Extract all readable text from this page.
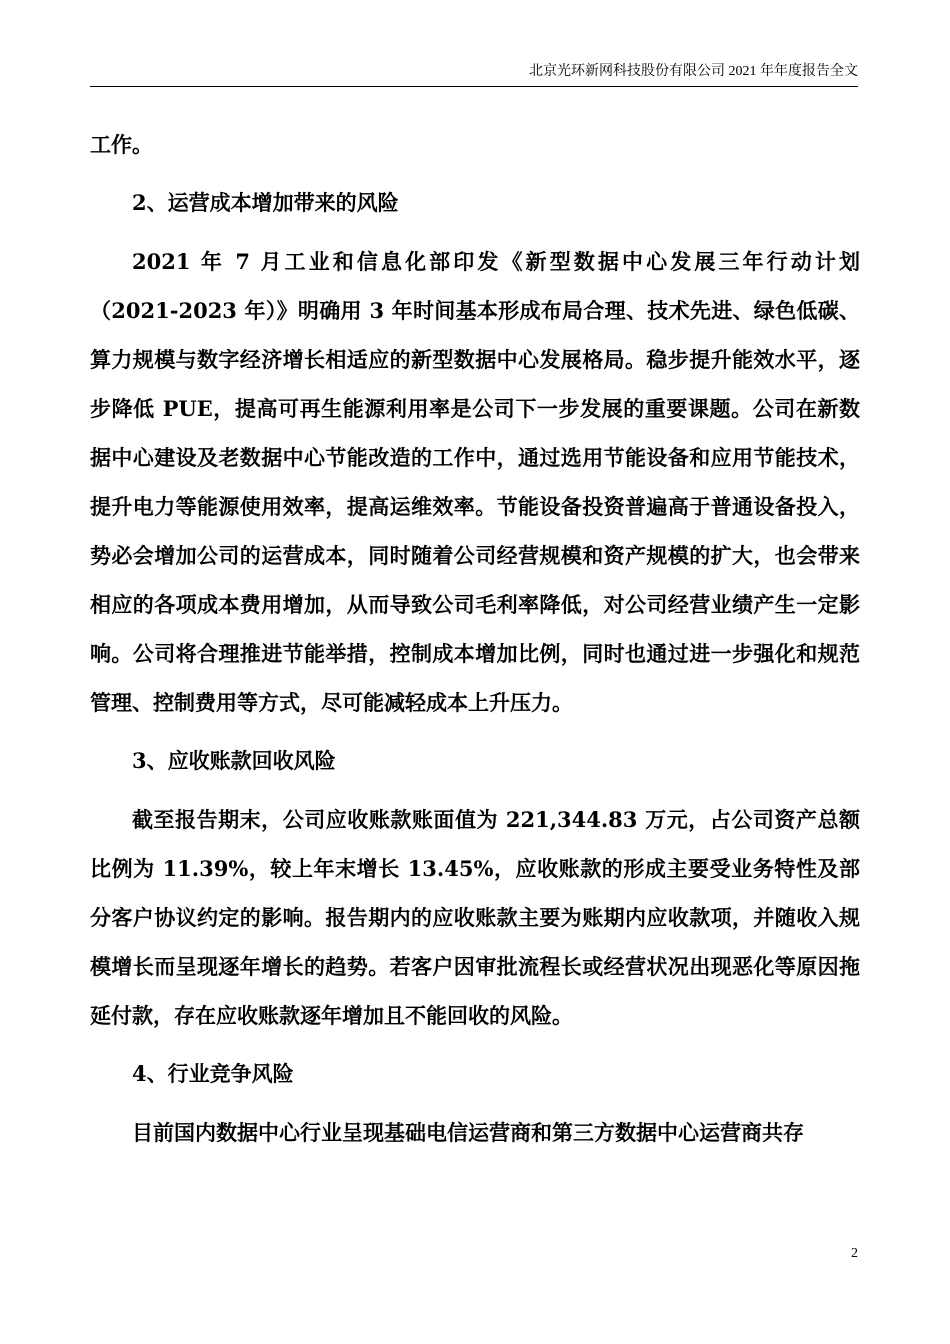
北京光环新网科技股份有限公司 2021 年年度报告全文

工作。

2、运营成本增加带来的风险

2021 年 7 月工业和信息化部印发《新型数据中心发展三年行动计划（2021-2023 年）》明确用 3 年时间基本形成布局合理、技术先进、绿色低碳、算力规模与数字经济增长相适应的新型数据中心发展格局。稳步提升能效水平，逐步降低 PUE，提高可再生能源利用率是公司下一步发展的重要课题。公司在新数据中心建设及老数据中心节能改造的工作中，通过选用节能设备和应用节能技术，提升电力等能源使用效率，提高运维效率。节能设备投资普遍高于普通设备投入，势必会增加公司的运营成本，同时随着公司经营规模和资产规模的扩大，也会带来相应的各项成本费用增加，从而导致公司毛利率降低，对公司经营业绩产生一定影响。公司将合理推进节能举措，控制成本增加比例，同时也通过进一步强化和规范管理、控制费用等方式，尽可能减轻成本上升压力。

3、应收账款回收风险

截至报告期末，公司应收账款账面值为 221,344.83 万元，占公司资产总额比例为 11.39%，较上年末增长 13.45%，应收账款的形成主要受业务特性及部分客户协议约定的影响。报告期内的应收账款主要为账期内应收款项，并随收入规模增长而呈现逐年增长的趋势。若客户因审批流程长或经营状况出现恶化等原因拖延付款，存在应收账款逐年增加且不能回收的风险。

4、行业竞争风险

目前国内数据中心行业呈现基础电信运营商和第三方数据中心运营商共存

2
